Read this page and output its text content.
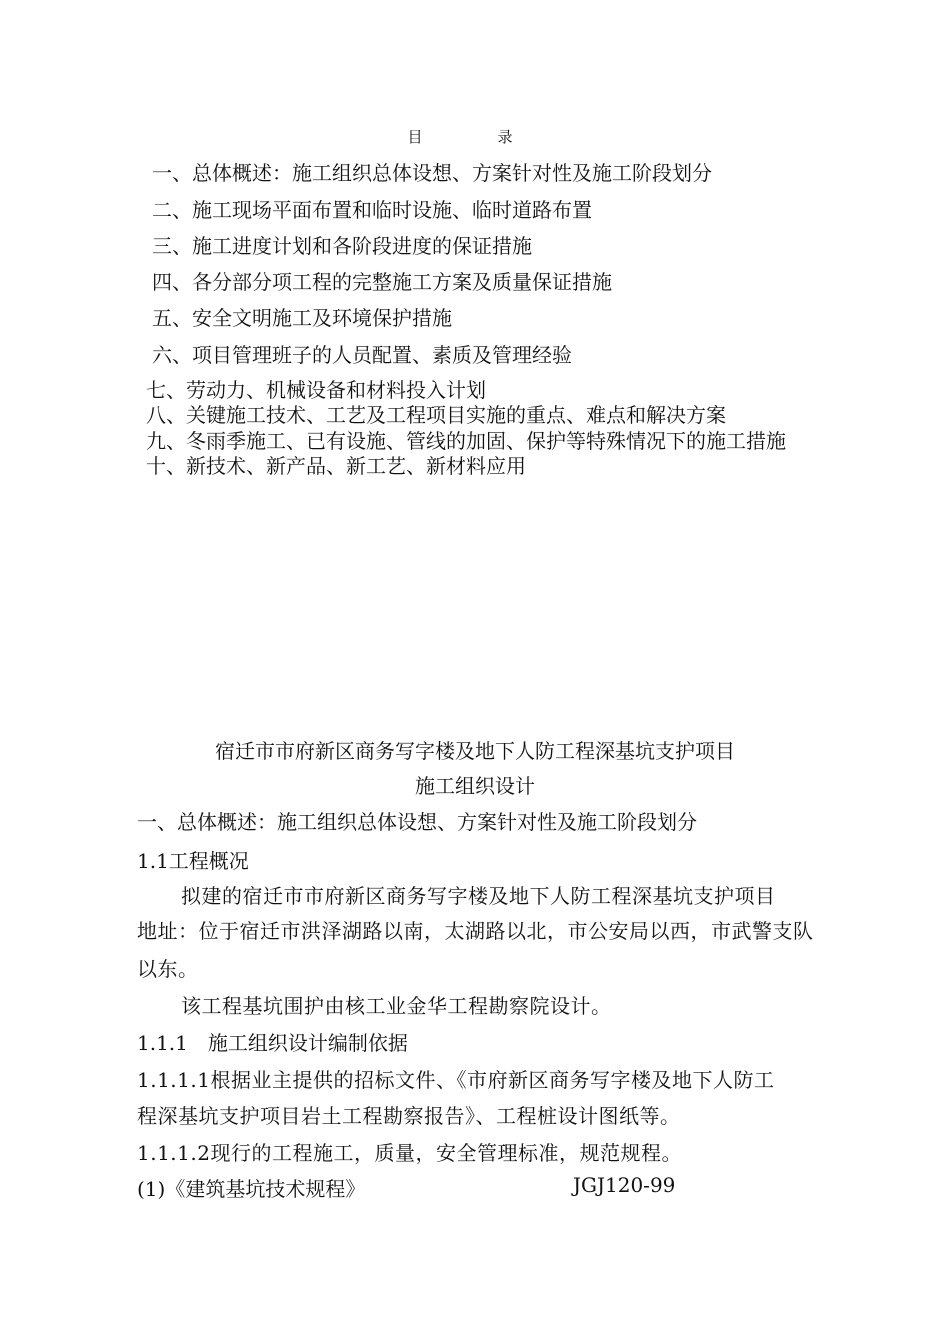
目　录
一、总体概述：施工组织总体设想、方案针对性及施工阶段划分
二、施工现场平面布置和临时设施、临时道路布置
三、施工进度计划和各阶段进度的保证措施
四、各分部分项工程的完整施工方案及质量保证措施
五、安全文明施工及环境保护措施
六、项目管理班子的人员配置、素质及管理经验
七、劳动力、机械设备和材料投入计划
八、关键施工技术、工艺及工程项目实施的重点、难点和解决方案
九、冬雨季施工、已有设施、管线的加固、保护等特殊情况下的施工措施
十、新技术、新产品、新工艺、新材料应用
宿迁市市府新区商务写字楼及地下人防工程深基坑支护项目
施工组织设计
一、总体概述：施工组织总体设想、方案针对性及施工阶段划分
1.1工程概况
拟建的宿迁市市府新区商务写字楼及地下人防工程深基坑支护项目
地址：位于宿迁市洪泽湖路以南，太湖路以北，市公安局以西，市武警支队
以东。
该工程基坑围护由核工业金华工程勘察院设计。
1.1.1　施工组织设计编制依据
1.1.1.1根据业主提供的招标文件、《市府新区商务写字楼及地下人防工
程深基坑支护项目岩土工程勘察报告》、工程桩设计图纸等。
1.1.1.2现行的工程施工，质量，安全管理标准，规范规程。
(1)《建筑基坑技术规程》	JGJ120-99
